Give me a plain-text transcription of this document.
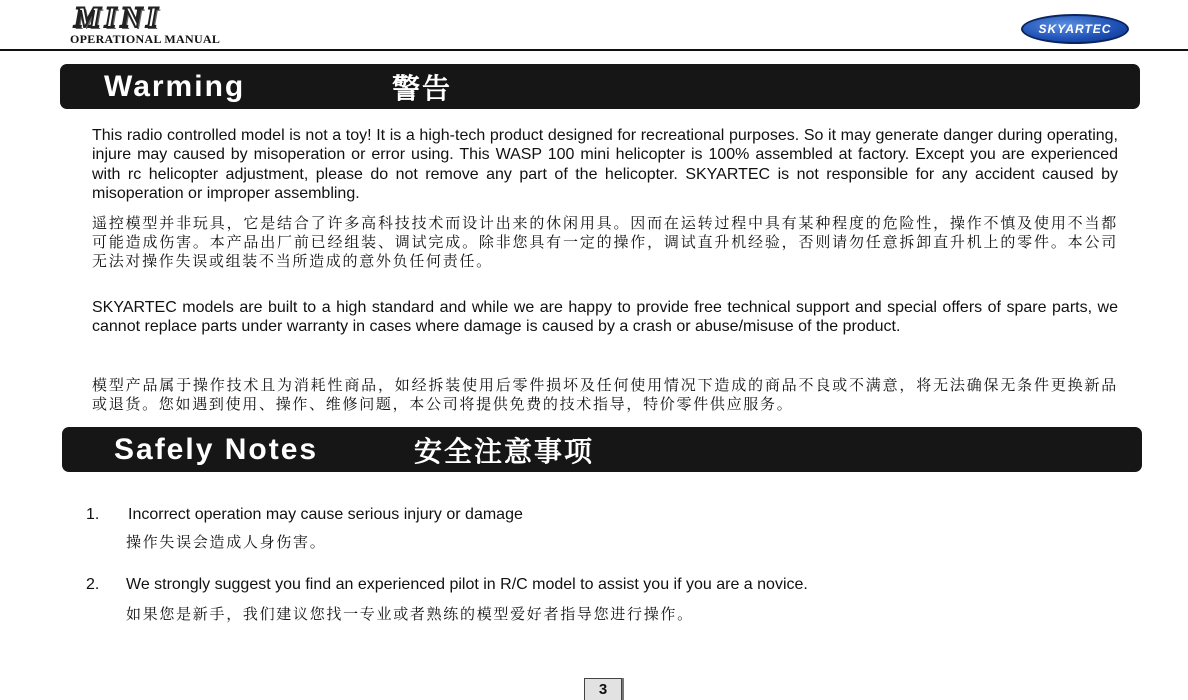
MINI
OPERATIONAL MANUAL
SKYARTEC
Warming	警告
This radio controlled model is not a toy! It is a high-tech product designed for recreational purposes. So it may generate danger during operating, injure may caused by misoperation or error using. This WASP 100 mini helicopter is 100% assembled at factory. Except you are experienced with rc helicopter adjustment, please do not remove any part of the helicopter. SKYARTEC is not responsible for any accident caused by misoperation or improper assembling.
遥控模型并非玩具，它是结合了许多高科技技术而设计出来的休闲用具。因而在运转过程中具有某种程度的危险性，操作不慎及使用不当都可能造成伤害。本产品出厂前已经组装、调试完成。除非您具有一定的操作，调试直升机经验，否则请勿任意拆卸直升机上的零件。本公司无法对操作失误或组装不当所造成的意外负任何责任。
SKYARTEC models are built to a high standard and while we are happy to provide free technical support and special offers of spare parts, we cannot replace parts under warranty in cases where damage is caused by a crash or abuse/misuse of the product.
模型产品属于操作技术且为消耗性商品，如经拆装使用后零件损坏及任何使用情况下造成的商品不良或不满意，将无法确保无条件更换新品或退货。您如遇到使用、操作、维修问题，本公司将提供免费的技术指导，特价零件供应服务。
Safely Notes	安全注意事项
1. Incorrect operation may cause serious injury or damage
操作失误会造成人身伤害。
2. We strongly suggest you find an experienced pilot in R/C model to assist you if you are a novice.
如果您是新手，我们建议您找一专业或者熟练的模型爱好者指导您进行操作。
3
